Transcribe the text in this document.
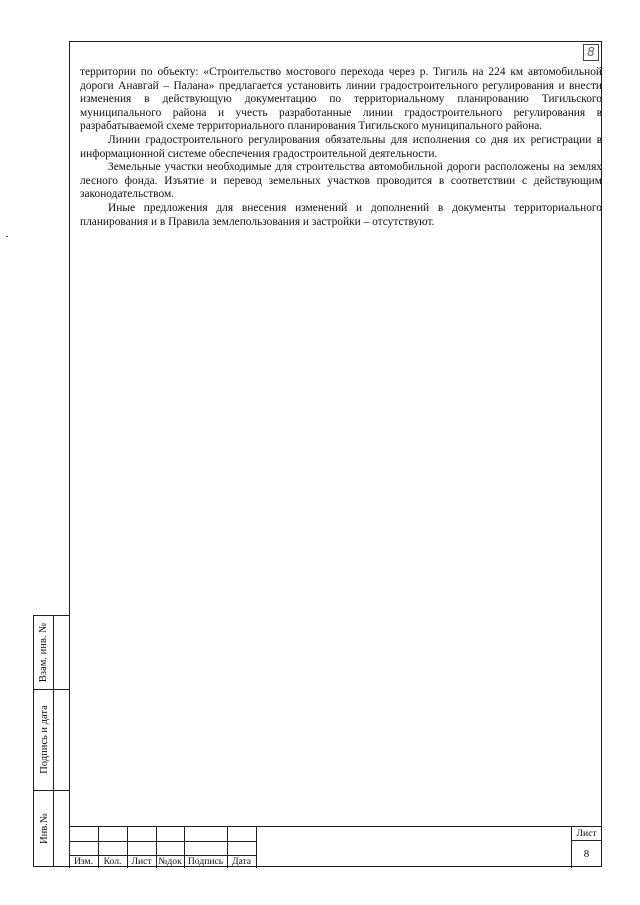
8

территории по объекту: «Строительство мостового перехода через р. Тигиль на 224 км автомобильной дороги Анавгай – Палана» предлагается установить линии градостроительного регулирования и внести изменения в действующую документацию по территориальному планированию Тигильского муниципального района и учесть разработанные линии градостроительного регулирования в разрабатываемой схеме территориального планирования Тигильского муниципального района.

Линии градостроительного регулирования обязательны для исполнения со дня их регистрации в информационной системе обеспечения градостроительной деятельности.

Земельные участки необходимые для строительства автомобильной дороги расположены на землях лесного фонда. Изъятие и перевод земельных участков проводится в соответствии с действующим законодательством.

Иные предложения для внесения изменений и дополнений в документы территориального планирования и в Правила землепользования и застройки – отсутствуют.

Взам. инв. №
Подпись и дата
Инв.№
Изм.	Кол.	Лист №док Подпись Дата
Лист
8
